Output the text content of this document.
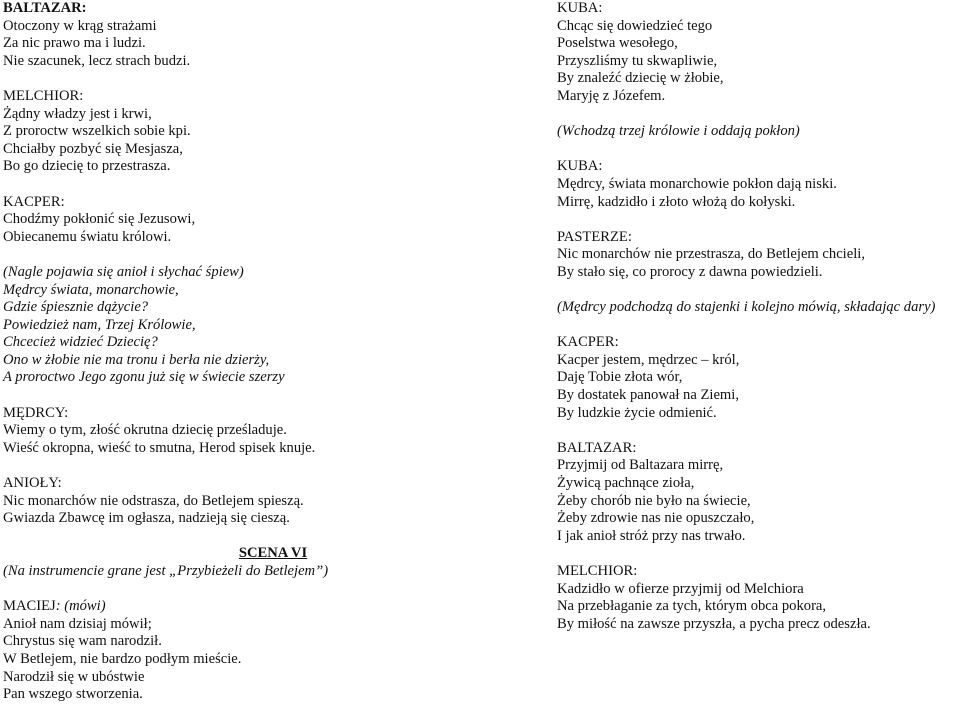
BALTAZAR:
Otoczony w krąg strażami
Za nic prawo ma i ludzi.
Nie szacunek, lecz strach budzi.
MELCHIOR:
Żądny władzy jest i krwi,
Z proroctw wszelkich sobie kpi.
Chciałby pozbyć się Mesjasza,
Bo go dziecię to przestrasza.
KACPER:
Chodźmy pokłonić się Jezusowi,
Obiecanemu światu królowi.
(Nagle pojawia się anioł i słychać śpiew)
Mędrcy świata, monarchowie,
Gdzie śpiesznie dążycie?
Powiedzież nam, Trzej Królowie,
Chcecież widzieć Dziecię?
Ono w żłobie nie ma tronu i berła nie dzierży,
A proroctwo Jego zgonu już się w świecie szerzy
MĘDRCY:
Wiemy o tym, złość okrutna dziecię prześladuje.
Wieść okropna, wieść to smutna, Herod spisek knuje.
ANIOŁY:
Nic monarchów nie odstrasza, do Betlejem spieszą.
Gwiazda Zbawcę im ogłasza, nadzieją się cieszą.
SCENA VI
(Na instrumencie grane jest „Przybieżeli do Betlejem”)
MACIEJ: (mówi)
Anioł nam dzisiaj mówił;
Chrystus się wam narodził.
W Betlejem, nie bardzo podłym mieście.
Narodził się w ubóstwie
Pan wszego stworzenia.
KUBA:
Chcąc się dowiedzieć tego
Poselstwa wesołego,
Przyszliśmy tu skwapliwie,
By znaleźć dziecię w żłobie,
Maryję z Józefem.
(Wchodzą trzej królowie i oddają pokłon)
KUBA:
Mędrcy, świata monarchowie pokłon dają niski.
Mirrę, kadzidło i złoto włożą do kołyski.
PASTERZE:
Nic monarchów nie przestrasza, do Betlejem chcieli,
By stało się, co prorocy z dawna powiedzieli.
(Mędrcy podchodzą do stajenki i kolejno mówią, składając dary)
KACPER:
Kacper jestem, mędrzec – król,
Daję Tobie złota wór,
By dostatek panował na Ziemi,
By ludzkie życie odmienić.
BALTAZAR:
Przyjmij od Baltazara mirrę,
Żywicą pachnące zioła,
Żeby chorób nie było na świecie,
Żeby zdrowie nas nie opuszczało,
I jak anioł stróż przy nas trwało.
MELCHIOR:
Kadzidło w ofierze przyjmij od Melchiora
Na przebłaganie za tych, którym obca pokora,
By miłość na zawsze przyszła, a pycha precz odeszła.
